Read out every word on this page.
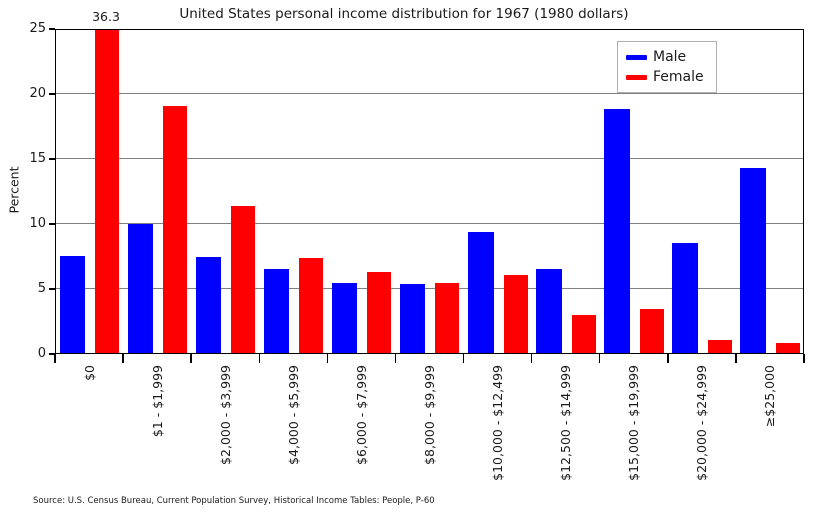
United States personal income distribution for 1967 (1980 dollars)
Percent
Male
Female
Source: U.S. Census Bureau, Current Population Survey, Historical Income Tables: People, P-60
0
5
10
15
20
25
$0	$1 - $1,999	$2,000 - $3,999	$4,000 - $5,999	$6,000 - $7,999	$8,000 - $9,999	$10,000 - $12,499	$12,500 - $14,999	$15,000 - $19,999	$20,000 - $24,999	≥$25,000
36.3
